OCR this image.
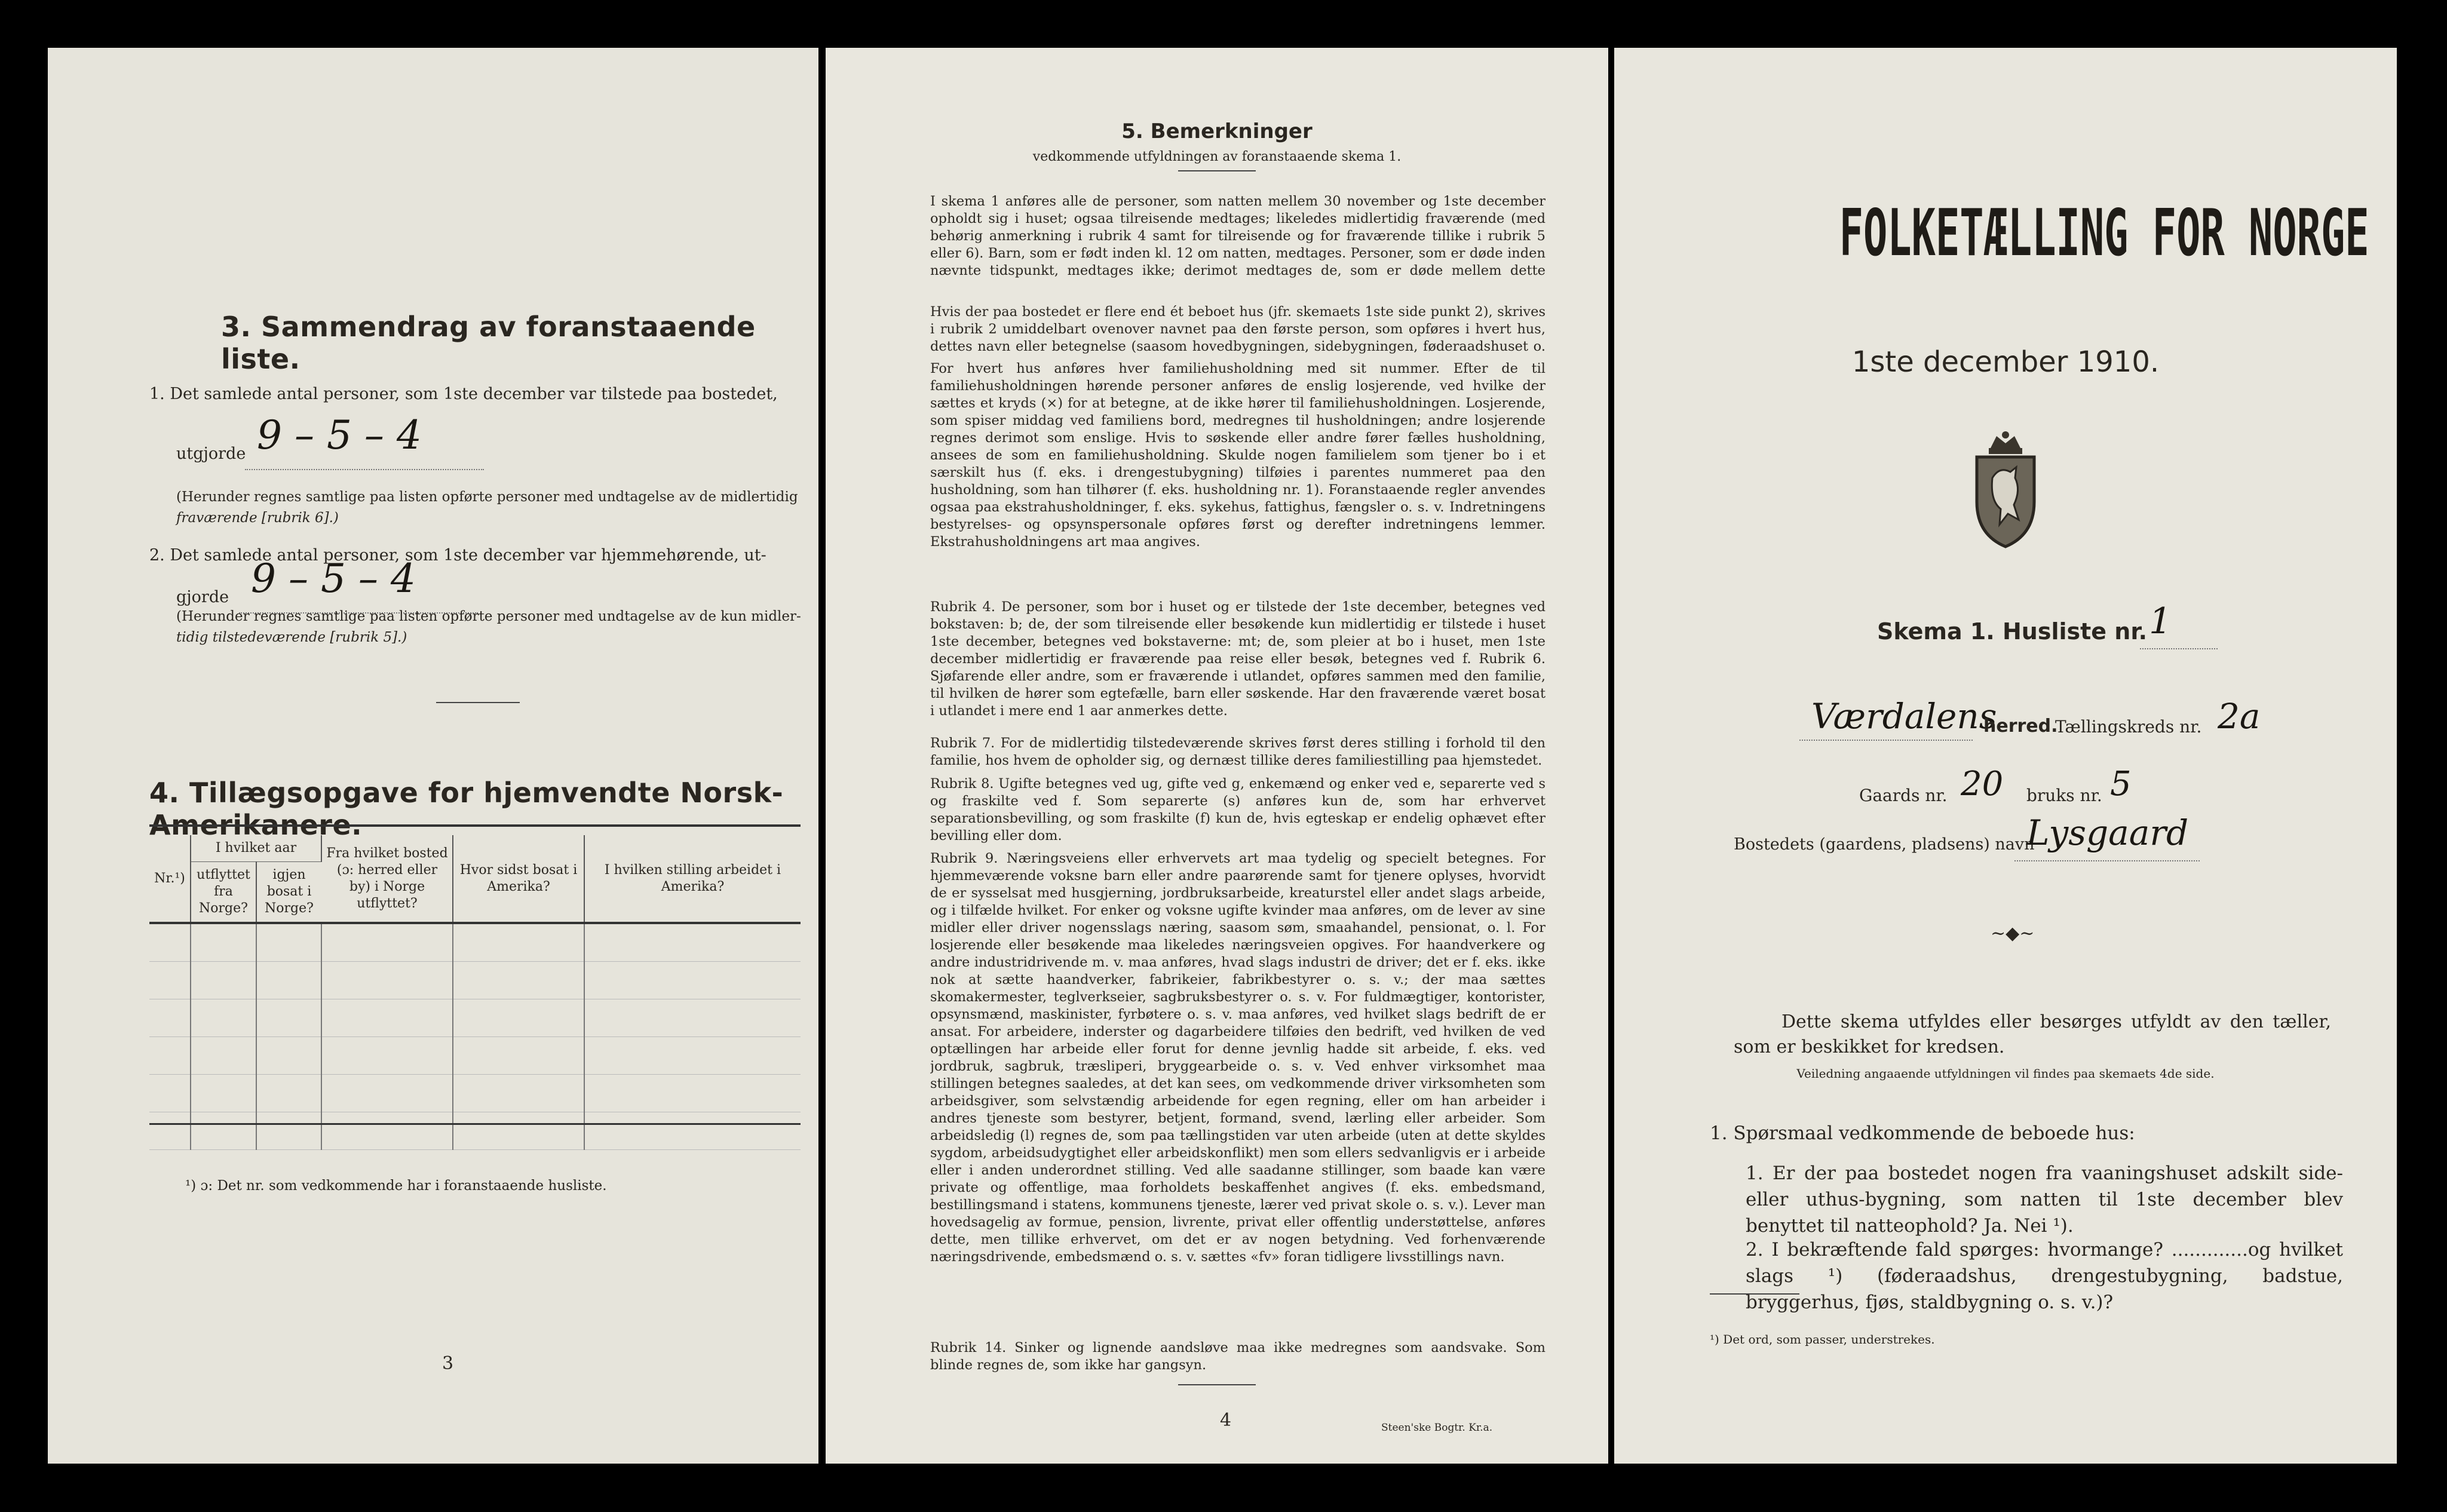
3. Sammendrag av foranstaaende liste.
1. Det samlede antal personer, som 1ste december var tilstede paa bostedet,
utgjorde 9 – 5 – 4
(Herunder regnes samtlige paa listen opførte personer med undtagelse av de midlertidig
fraværende [rubrik 6].)
2. Det samlede antal personer, som 1ste december var hjemmehørende, ut-
gjorde 9 – 5 – 4
(Herunder regnes samtlige paa listen opførte personer med undtagelse av de kun midler-
tidig tilstedeværende [rubrik 5].)
4. Tillægsopgave for hjemvendte Norsk-Amerikanere.
Nr.¹)	I hvilket aar		Fra hvilket bosted (ɔ: herred eller by) i Norge utflyttet?	Hvor sidst bosat i Amerika?	I hvilken stilling arbeidet i Amerika?
	utflyttet fra Norge?	igjen bosat i Norge?			

¹) ɔ: Det nr. som vedkommende har i foranstaaende husliste.
3
5. Bemerkninger
vedkommende utfyldningen av foranstaaende skema 1.
I skema 1 anføres alle de personer, som natten mellem 30 november og 1ste december opholdt sig i huset; ogsaa tilreisende medtages; likeledes midlertidig fraværende (med behørig anmerkning i rubrik 4 samt for tilreisende og for fraværende tillike i rubrik 5 eller 6). Barn, som er født inden kl. 12 om natten, medtages. Personer, som er døde inden nævnte tidspunkt, medtages ikke; derimot medtages de, som er døde mellem dette
Hvis der paa bostedet er flere end ét beboet hus (jfr. skemaets 1ste side punkt 2), skrives i rubrik 2 umiddelbart ovenover navnet paa den første person, som opføres i hvert hus, dettes navn eller betegnelse (saasom hovedbygningen, sidebygningen, føderaadshuset o.
For hvert hus anføres hver familiehusholdning med sit nummer. Efter de til familiehusholdningen hørende personer anføres de enslig losjerende, ved hvilke der sættes et kryds (×) for at betegne, at de ikke hører til familiehusholdningen. Losjerende, som spiser middag ved familiens bord, medregnes til husholdningen; andre losjerende regnes derimot som enslige. Hvis to søskende eller andre fører fælles husholdning, ansees de som en familiehusholdning. Skulde nogen familielem som tjener bo i et særskilt hus (f. eks. i drengestubygning) tilføies i parentes nummeret paa den husholdning, som han tilhører (f. eks. husholdning nr. 1). Foranstaaende regler anvendes ogsaa paa ekstrahusholdninger, f. eks. sykehus, fattighus, fængsler o. s. v. Indretningens bestyrelses- og opsynspersonale opføres først og derefter indretningens lemmer. Ekstrahusholdningens art maa angives.
Rubrik 4. De personer, som bor i huset og er tilstede der 1ste december, betegnes ved bokstaven: b; de, der som tilreisende eller besøkende kun midlertidig er tilstede i huset 1ste december, betegnes ved bokstaverne: mt; de, som pleier at bo i huset, men 1ste december midlertidig er fraværende paa reise eller besøk, betegnes ved f. Rubrik 6. Sjøfarende eller andre, som er fraværende i utlandet, opføres sammen med den familie, til hvilken de hører som egtefælle, barn eller søskende. Har den fraværende været bosat i utlandet i mere end 1 aar anmerkes dette.
Rubrik 7. For de midlertidig tilstedeværende skrives først deres stilling i forhold til den familie, hos hvem de opholder sig, og dernæst tillike deres familiestilling paa hjemstedet.
Rubrik 8. Ugifte betegnes ved ug, gifte ved g, enkemænd og enker ved e, separerte ved s og fraskilte ved f. Som separerte (s) anføres kun de, som har erhvervet separationsbevilling, og som fraskilte (f) kun de, hvis egteskap er endelig ophævet efter bevilling eller dom.
Rubrik 9. Næringsveiens eller erhvervets art maa tydelig og specielt betegnes. For hjemmeværende voksne barn eller andre paarørende samt for tjenere oplyses, hvorvidt de er sysselsat med husgjerning, jordbruksarbeide, kreaturstel eller andet slags arbeide, og i tilfælde hvilket. For enker og voksne ugifte kvinder maa anføres, om de lever av sine midler eller driver nogensslags næring, saasom søm, smaahandel, pensionat, o. l. For losjerende eller besøkende maa likeledes næringsveien opgives. For haandverkere og andre industridrivende m. v. maa anføres, hvad slags industri de driver; det er f. eks. ikke nok at sætte haandverker, fabrikeier, fabrikbestyrer o. s. v.; der maa sættes skomakermester, teglverkseier, sagbruksbestyrer o. s. v. For fuldmægtiger, kontorister, opsynsmænd, maskinister, fyrbøtere o. s. v. maa anføres, ved hvilket slags bedrift de er ansat. For arbeidere, inderster og dagarbeidere tilføies den bedrift, ved hvilken de ved optællingen har arbeide eller forut for denne jevnlig hadde sit arbeide, f. eks. ved jordbruk, sagbruk, træsliperi, bryggearbeide o. s. v. Ved enhver virksomhet maa stillingen betegnes saaledes, at det kan sees, om vedkommende driver virksomheten som arbeidsgiver, som selvstændig arbeidende for egen regning, eller om han arbeider i andres tjeneste som bestyrer, betjent, formand, svend, lærling eller arbeider. Som arbeidsledig (l) regnes de, som paa tællingstiden var uten arbeide (uten at dette skyldes sygdom, arbeidsudygtighet eller arbeidskonflikt) men som ellers sedvanligvis er i arbeide eller i anden underordnet stilling. Ved alle saadanne stillinger, som baade kan være private og offentlige, maa forholdets beskaffenhet angives (f. eks. embedsmand, bestillingsmand i statens, kommunens tjeneste, lærer ved privat skole o. s. v.). Lever man hovedsagelig av formue, pension, livrente, privat eller offentlig understøttelse, anføres dette, men tillike erhvervet, om det er av nogen betydning. Ved forhenværende næringsdrivende, embedsmænd o. s. v. sættes «fv» foran tidligere livsstillings navn.
Rubrik 14. Sinker og lignende aandsløve maa ikke medregnes som aandsvake. Som blinde regnes de, som ikke har gangsyn.
4	Steen'ske Bogtr. Kr.a.
FOLKETÆLLING FOR NORGE
1ste december 1910.
Skema 1. Husliste nr. 1
Værdalens
herred.
Tællingskreds nr. 2a
Gaards nr. 20 bruks nr. 5
Bostedets (gaardens, pladsens) navn
Lysgaard
~◆~
Dette skema utfyldes eller besørges utfyldt av den tæller, som er beskikket for kredsen.
Veiledning angaaende utfyldningen vil findes paa skemaets 4de side.
1. Spørsmaal vedkommende de beboede hus:
1. Er der paa bostedet nogen fra vaaningshuset adskilt side- eller uthus-bygning, som natten til 1ste december blev benyttet til natteophold? Ja. Nei ¹).
2. I bekræftende fald spørges: hvormange? .............og hvilket slags ¹) (føderaadshus, drengestubygning, badstue, bryggerhus, fjøs, staldbygning o. s. v.)?
¹) Det ord, som passer, understrekes.
